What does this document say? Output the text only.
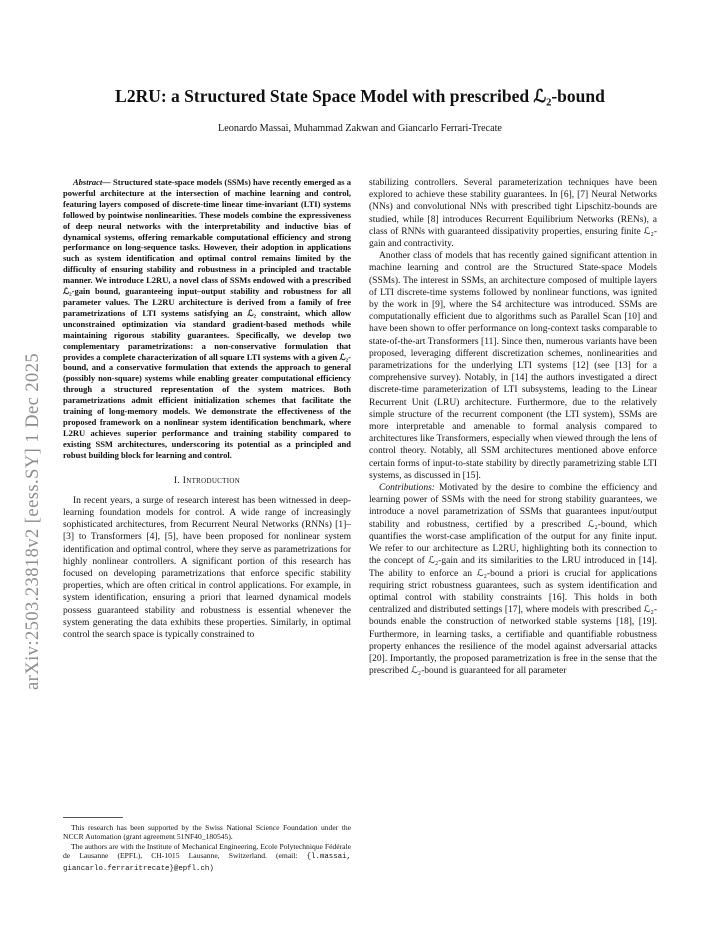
arXiv:2503.23818v2 [eess.SY] 1 Dec 2025
L2RU: a Structured State Space Model with prescribed ℒ₂-bound
Leonardo Massai, Muhammad Zakwan and Giancarlo Ferrari-Trecate

Abstract— Structured state-space models (SSMs) have recently emerged as a powerful architecture at the intersection of machine learning and control, featuring layers composed of discrete-time linear time-invariant (LTI) systems followed by pointwise nonlinearities. These models combine the expressiveness of deep neural networks with the interpretability and inductive bias of dynamical systems, offering remarkable computational efficiency and strong performance on long-sequence tasks. However, their adoption in applications such as system identification and optimal control remains limited by the difficulty of ensuring stability and robustness in a principled and tractable manner. We introduce L2RU, a novel class of SSMs endowed with a prescribed ℒ₂-gain bound, guaranteeing input–output stability and robustness for all parameter values. The L2RU architecture is derived from a family of free parametrizations of LTI systems satisfying an ℒ₂ constraint, which allow unconstrained optimization via standard gradient-based methods while maintaining rigorous stability guarantees. Specifically, we develop two complementary parametrizations: a non-conservative formulation that provides a complete characterization of all square LTI systems with a given ℒ₂-bound, and a conservative formulation that extends the approach to general (possibly non-square) systems while enabling greater computational efficiency through a structured representation of the system matrices. Both parametrizations admit efficient initialization schemes that facilitate the training of long-memory models. We demonstrate the effectiveness of the proposed framework on a nonlinear system identification benchmark, where L2RU achieves superior performance and training stability compared to existing SSM architectures, underscoring its potential as a principled and robust building block for learning and control.

I. Introduction

In recent years, a surge of research interest has been witnessed in deep-learning foundation models for control. A wide range of increasingly sophisticated architectures, from Recurrent Neural Networks (RNNs) [1]–[3] to Transformers [4], [5], have been proposed for nonlinear system identification and optimal control, where they serve as parametrizations for highly nonlinear controllers. A significant portion of this research has focused on developing parametrizations that enforce specific stability properties, which are often critical in control applications. For example, in system identification, ensuring a priori that learned dynamical models possess guaranteed stability and robustness is essential whenever the system generating the data exhibits these properties. Similarly, in optimal control the search space is typically constrained to

This research has been supported by the Swiss National Science Foundation under the NCCR Automation (grant agreement 51NF40_180545).

The authors are with the Institute of Mechanical Engineering, Ecole Polytechnique Fédérale de Lausanne (EPFL), CH-1015 Lausanne, Switzerland. (email: {l.massai, giancarlo.ferraritrecate}@epfl.ch)

stabilizing controllers. Several parameterization techniques have been explored to achieve these stability guarantees. In [6], [7] Neural Networks (NNs) and convolutional NNs with prescribed tight Lipschitz-bounds are studied, while [8] introduces Recurrent Equilibrium Networks (RENs), a class of RNNs with guaranteed dissipativity properties, ensuring finite ℒ₂-gain and contractivity.

Another class of models that has recently gained significant attention in machine learning and control are the Structured State-space Models (SSMs). The interest in SSMs, an architecture composed of multiple layers of LTI discrete-time systems followed by nonlinear functions, was ignited by the work in [9], where the S4 architecture was introduced. SSMs are computationally efficient due to algorithms such as Parallel Scan [10] and have been shown to offer performance on long-context tasks comparable to state-of-the-art Transformers [11]. Since then, numerous variants have been proposed, leveraging different discretization schemes, nonlinearities and parametrizations for the underlying LTI systems [12] (see [13] for a comprehensive survey). Notably, in [14] the authors investigated a direct discrete-time parameterization of LTI subsystems, leading to the Linear Recurrent Unit (LRU) architecture. Furthermore, due to the relatively simple structure of the recurrent component (the LTI system), SSMs are more interpretable and amenable to formal analysis compared to architectures like Transformers, especially when viewed through the lens of control theory. Notably, all SSM architectures mentioned above enforce certain forms of input-to-state stability by directly parametrizing stable LTI systems, as discussed in [15].

Contributions: Motivated by the desire to combine the efficiency and learning power of SSMs with the need for strong stability guarantees, we introduce a novel parametrization of SSMs that guarantees input/output stability and robustness, certified by a prescribed ℒ₂-bound, which quantifies the worst-case amplification of the output for any finite input. We refer to our architecture as L2RU, highlighting both its connection to the concept of ℒ₂-gain and its similarities to the LRU introduced in [14]. The ability to enforce an ℒ₂-bound a priori is crucial for applications requiring strict robustness guarantees, such as system identification and optimal control with stability constraints [16]. This holds in both centralized and distributed settings [17], where models with prescribed ℒ₂-bounds enable the construction of networked stable systems [18], [19]. Furthermore, in learning tasks, a certifiable and quantifiable robustness property enhances the resilience of the model against adversarial attacks [20]. Importantly, the proposed parametrization is free in the sense that the prescribed ℒ₂-bound is guaranteed for all parameter
